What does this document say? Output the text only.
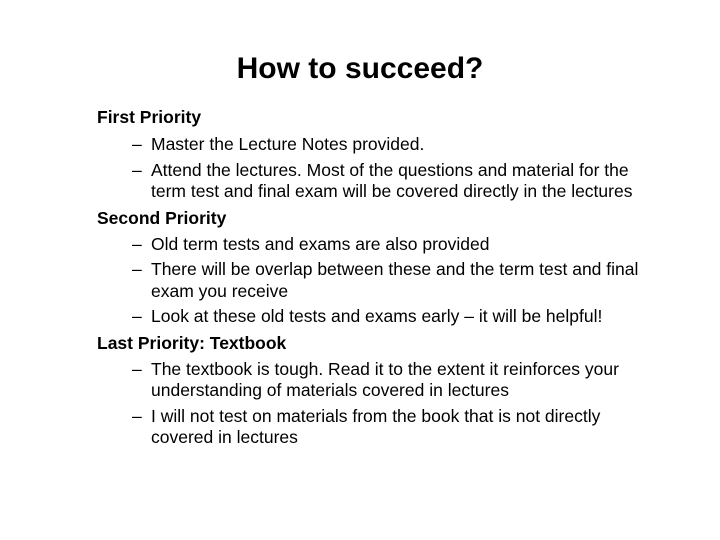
How to succeed?
First Priority
– Master the Lecture Notes provided.
– Attend the lectures. Most of the questions and material for the term test and final exam will be covered directly in the lectures
Second Priority
– Old term tests and exams are also provided
– There will be overlap between these and the term test and final exam you receive
– Look at these old tests and exams early – it will be helpful!
Last Priority: Textbook
– The textbook is tough. Read it to the extent it reinforces your understanding of materials covered in lectures
– I will not test on materials from the book that is not directly covered in lectures
